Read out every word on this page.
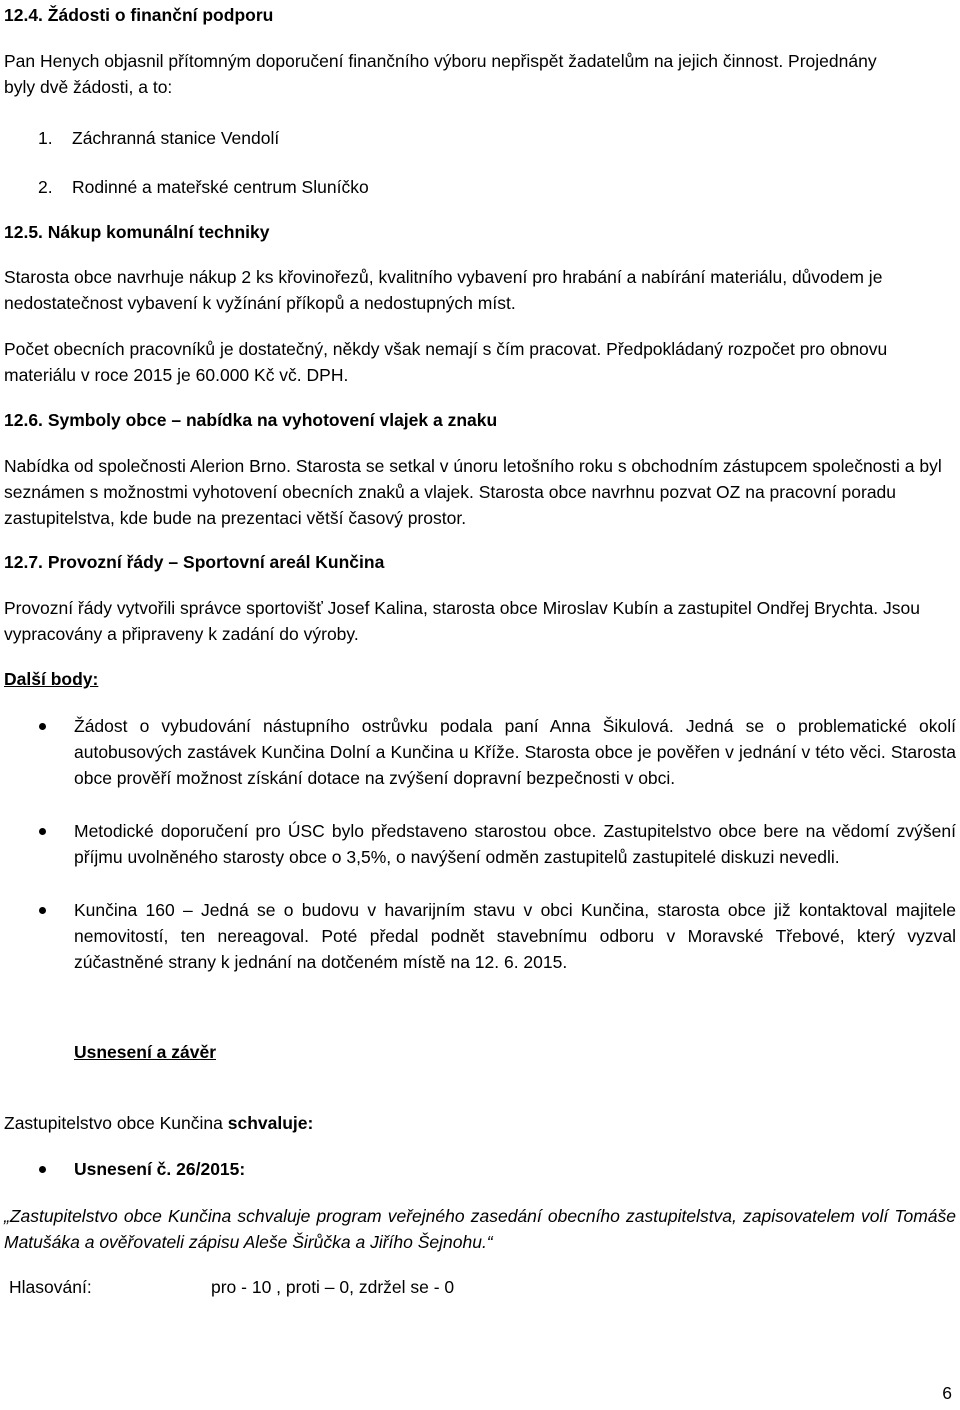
12.4. Žádosti o finanční podporu

Pan Henych objasnil přítomným doporučení finančního výboru nepřispět žadatelům na jejich činnost. Projednány byly dvě žádosti, a to:

1. Záchranná stanice Vendolí
2. Rodinné a mateřské centrum Sluníčko
12.5. Nákup komunální techniky

Starosta obce navrhuje nákup 2 ks křovinořezů, kvalitního vybavení pro hrabání a nabírání materiálu, důvodem je nedostatečnost vybavení k vyžínání příkopů a nedostupných míst.

Počet obecních pracovníků je dostatečný, někdy však nemají s čím pracovat. Předpokládaný rozpočet pro obnovu materiálu v roce 2015 je 60.000 Kč vč. DPH.

12.6. Symboly obce – nabídka na vyhotovení vlajek a znaku

Nabídka od společnosti Alerion Brno. Starosta se setkal v únoru letošního roku s obchodním zástupcem společnosti a byl seznámen s možnostmi vyhotovení obecních znaků a vlajek. Starosta obce navrhnu pozvat OZ na pracovní poradu zastupitelstva, kde bude na prezentaci větší časový prostor.

12.7. Provozní řády – Sportovní areál Kunčina

Provozní řády vytvořili správce sportovišť Josef Kalina, starosta obce Miroslav Kubín a zastupitel Ondřej Brychta. Jsou vypracovány a připraveny k zadání do výroby.

Další body:
Žádost o vybudování nástupního ostrůvku podala paní Anna Šikulová. Jedná se o problematické okolí autobusových zastávek Kunčina Dolní a Kunčina u Kříže. Starosta obce je pověřen v jednání v této věci. Starosta obce prověří možnost získání dotace na zvýšení dopravní bezpečnosti v obci.
Metodické doporučení pro ÚSC bylo představeno starostou obce. Zastupitelstvo obce bere na vědomí zvýšení příjmu uvolněného starosty obce o 3,5%, o navýšení odměn zastupitelů zastupitelé diskuzi nevedli.
Kunčina 160 – Jedná se o budovu v havarijním stavu v obci Kunčina, starosta obce již kontaktoval majitele nemovitostí, ten nereagoval. Poté předal podnět stavebnímu odboru v Moravské Třebové, který vyzval zúčastněné strany k jednání na dotčeném místě na 12. 6. 2015.
Usnesení a závěr
Zastupitelstvo obce Kunčina schvaluje:
Usnesení č. 26/2015:

„Zastupitelstvo obce Kunčina schvaluje program veřejného zasedání obecního zastupitelstva, zapisovatelem volí Tomáše Matušáka a ověřovateli zápisu Aleše Širůčka a Jiřího Šejnohu.“

Hlasování:	pro - 10 , proti – 0, zdržel se - 0
6
